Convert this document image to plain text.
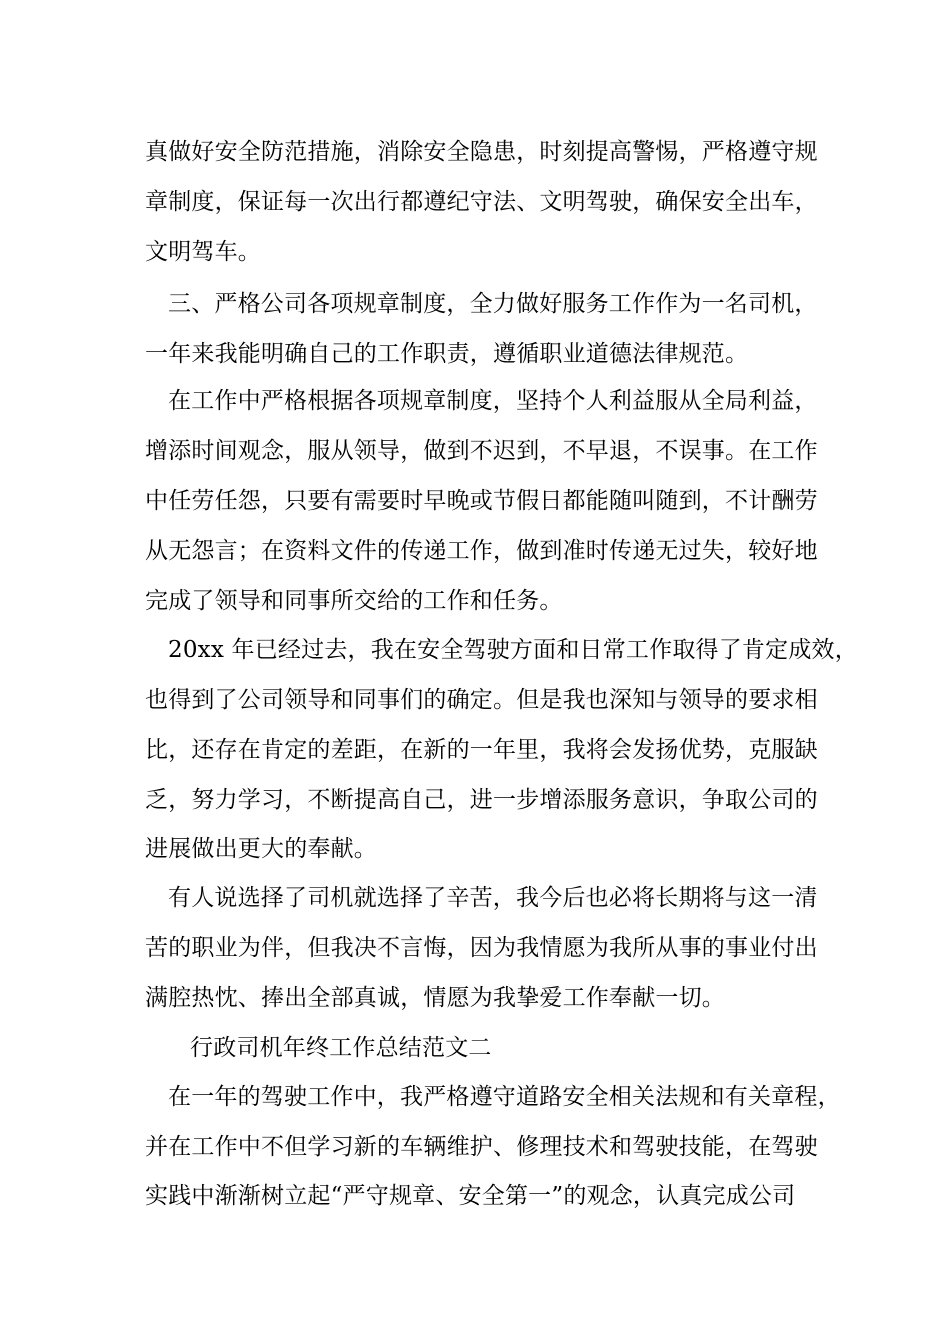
真做好安全防范措施，消除安全隐患，时刻提高警惕，严格遵守规
章制度，保证每一次出行都遵纪守法、文明驾驶，确保安全出车，
文明驾车。
三、严格公司各项规章制度，全力做好服务工作作为一名司机，
一年来我能明确自己的工作职责，遵循职业道德法律规范。
在工作中严格根据各项规章制度，坚持个人利益服从全局利益，
增添时间观念，服从领导，做到不迟到，不早退，不误事。在工作
中任劳任怨，只要有需要时早晚或节假日都能随叫随到，不计酬劳
从无怨言；在资料文件的传递工作，做到准时传递无过失，较好地
完成了领导和同事所交给的工作和任务。
20xx 年已经过去，我在安全驾驶方面和日常工作取得了肯定成效，
也得到了公司领导和同事们的确定。但是我也深知与领导的要求相
比，还存在肯定的差距，在新的一年里，我将会发扬优势，克服缺
乏，努力学习，不断提高自己，进一步增添服务意识，争取公司的
进展做出更大的奉献。
有人说选择了司机就选择了辛苦，我今后也必将长期将与这一清
苦的职业为伴，但我决不言悔，因为我情愿为我所从事的事业付出
满腔热忱、捧出全部真诚，情愿为我挚爱工作奉献一切。
行政司机年终工作总结范文二
在一年的驾驶工作中，我严格遵守道路安全相关法规和有关章程，
并在工作中不但学习新的车辆维护、修理技术和驾驶技能，在驾驶
实践中渐渐树立起“严守规章、安全第一”的观念，认真完成公司
